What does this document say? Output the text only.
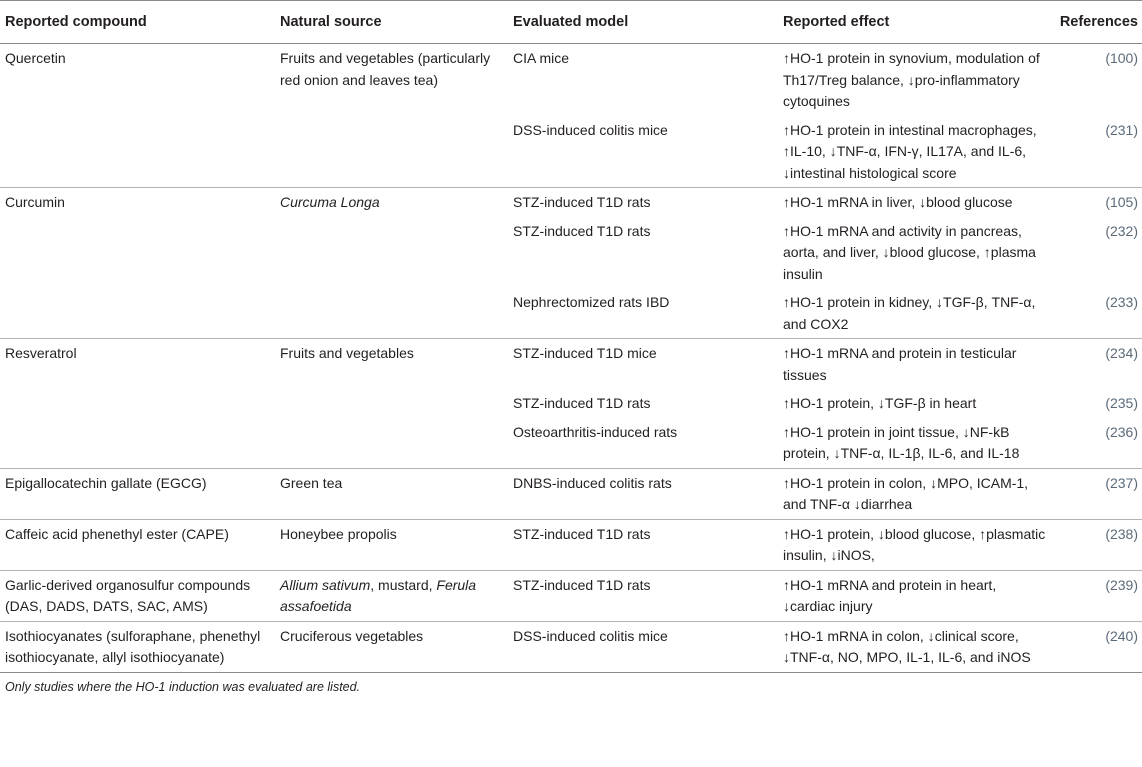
Reported compound	Natural source	Evaluated model	Reported effect	References
Quercetin	Fruits and vegetables (particularly red onion and leaves tea)	CIA mice	↑HO-1 protein in synovium, modulation of Th17/Treg balance, ↓pro-inflammatory cytoquines	(100)
		DSS-induced colitis mice	↑HO-1 protein in intestinal macrophages, ↑IL-10, ↓TNF-α, IFN-γ, IL17A, and IL-6, ↓intestinal histological score	(231)
Curcumin	Curcuma Longa	STZ-induced T1D rats	↑HO-1 mRNA in liver, ↓blood glucose	(105)
		STZ-induced T1D rats	↑HO-1 mRNA and activity in pancreas, aorta, and liver, ↓blood glucose, ↑plasma insulin	(232)
		Nephrectomized rats IBD	↑HO-1 protein in kidney, ↓TGF-β, TNF-α, and COX2	(233)
Resveratrol	Fruits and vegetables	STZ-induced T1D mice	↑HO-1 mRNA and protein in testicular tissues	(234)
		STZ-induced T1D rats	↑HO-1 protein, ↓TGF-β in heart	(235)
		Osteoarthritis-induced rats	↑HO-1 protein in joint tissue, ↓NF-kB protein, ↓TNF-α, IL-1β, IL-6, and IL-18	(236)
Epigallocatechin gallate (EGCG)	Green tea	DNBS-induced colitis rats	↑HO-1 protein in colon, ↓MPO, ICAM-1, and TNF-α ↓diarrhea	(237)
Caffeic acid phenethyl ester (CAPE)	Honeybee propolis	STZ-induced T1D rats	↑HO-1 protein, ↓blood glucose, ↑plasmatic insulin, ↓iNOS,	(238)
Garlic-derived organosulfur compounds (DAS, DADS, DATS, SAC, AMS)	Allium sativum, mustard, Ferula assafoetida	STZ-induced T1D rats	↑HO-1 mRNA and protein in heart, ↓cardiac injury	(239)
Isothiocyanates (sulforaphane, phenethyl isothiocyanate, allyl isothiocyanate)	Cruciferous vegetables	DSS-induced colitis mice	↑HO-1 mRNA in colon, ↓clinical score, ↓TNF-α, NO, MPO, IL-1, IL-6, and iNOS	(240)
Only studies where the HO-1 induction was evaluated are listed.
